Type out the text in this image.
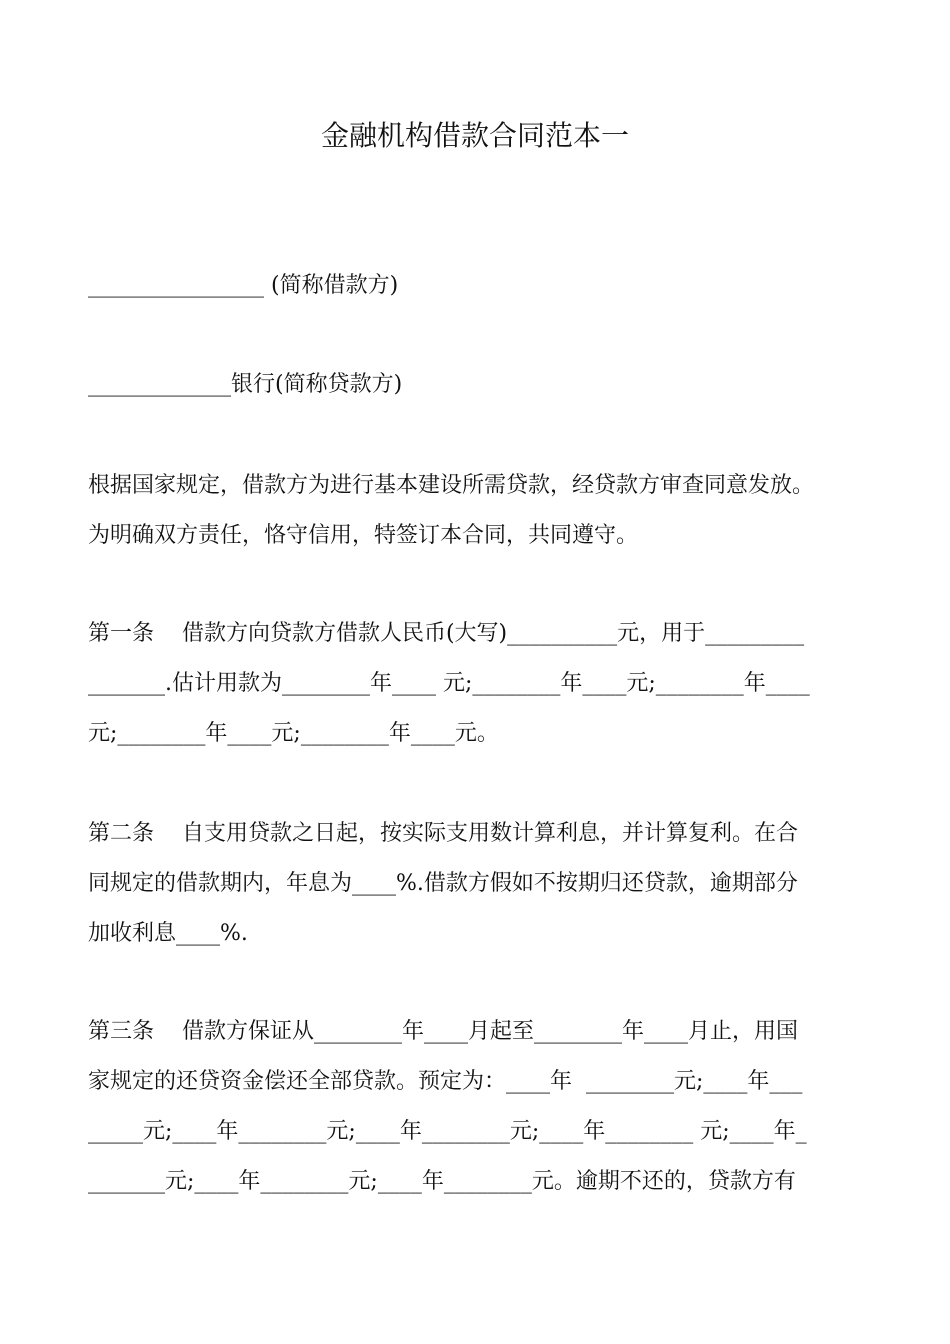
金融机构借款合同范本一

________________ (简称借款方)

_____________银行(简称贷款方)

根据国家规定，借款方为进行基本建设所需贷款，经贷款方审查同意发放。

为明确双方责任，恪守信用，特签订本合同，共同遵守。

第一条    借款方向贷款方借款人民币(大写)__________元，用于_________

_______.估计用款为________年____ 元;________年____元;________年____

元;________年____元;________年____元。

第二条    自支用贷款之日起，按实际支用数计算利息，并计算复利。在合

同规定的借款期内，年息为____%.借款方假如不按期归还贷款，逾期部分

加收利息____%.

第三条    借款方保证从________年____月起至________年____月止，用国

家规定的还贷资金偿还全部贷款。预定为：____年  ________元;____年___

_____元;____年________元;____年________元;____年________ 元;____年_

_______元;____年________元;____年________元。逾期不还的，贷款方有
